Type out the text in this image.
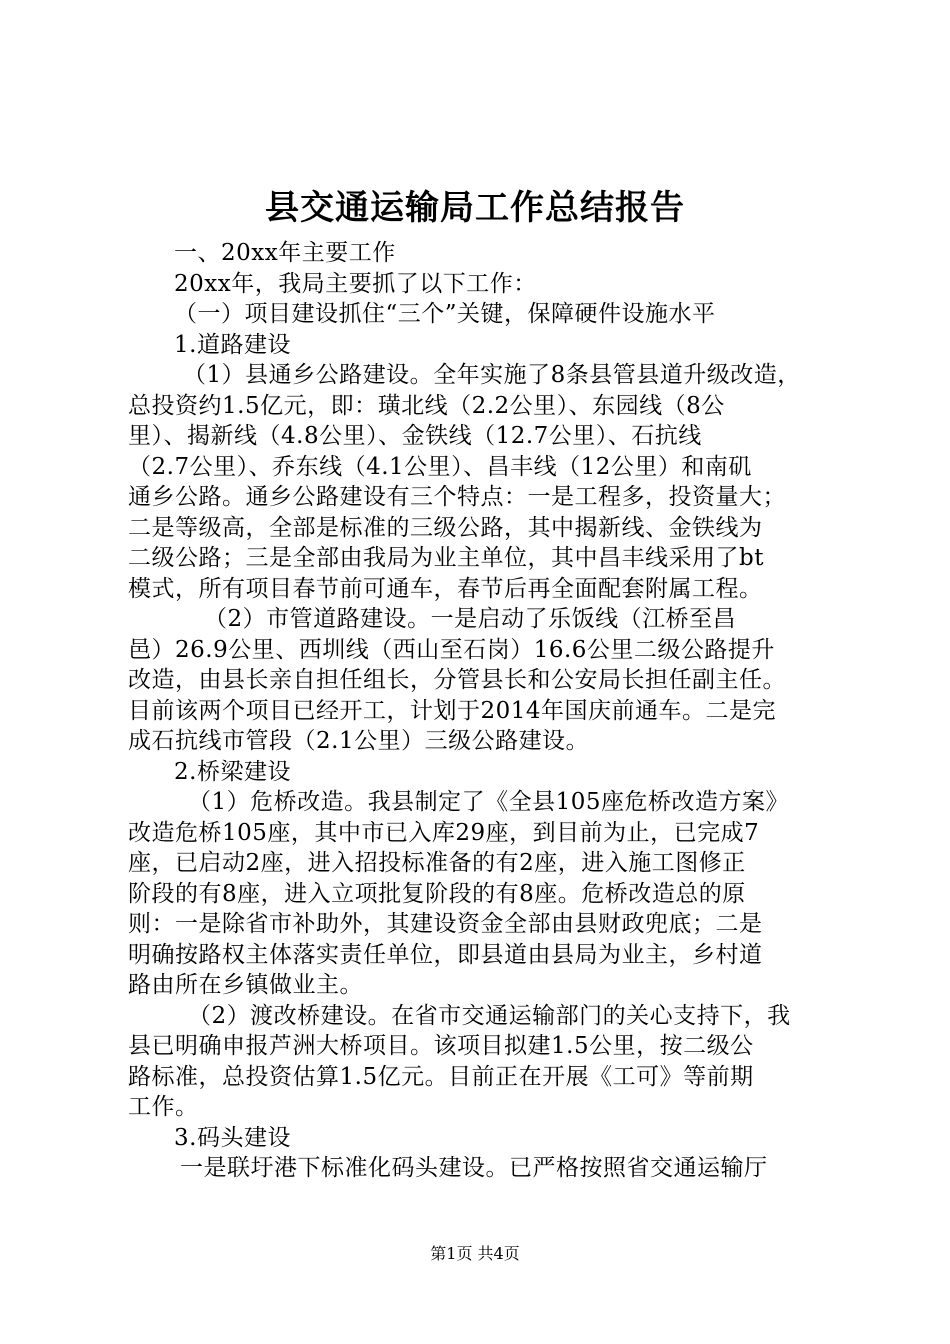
县交通运输局工作总结报告
一、20xx年主要工作
20xx年，我局主要抓了以下工作：
（一）项目建设抓住“三个”关键，保障硬件设施水平
1.道路建设
（1）县通乡公路建设。全年实施了8条县管县道升级改造，
总投资约1.5亿元，即：璜北线（2.2公里）、东园线（8公
里）、揭新线（4.8公里）、金铁线（12.7公里）、石抗线
（2.7公里）、乔东线（4.1公里）、昌丰线（12公里）和南矶
通乡公路。通乡公路建设有三个特点：一是工程多，投资量大；
二是等级高，全部是标准的三级公路，其中揭新线、金铁线为
二级公路；三是全部由我局为业主单位，其中昌丰线采用了bt
模式，所有项目春节前可通车，春节后再全面配套附属工程。
（2）市管道路建设。一是启动了乐饭线（江桥至昌
邑）26.9公里、西圳线（西山至石岗）16.6公里二级公路提升
改造，由县长亲自担任组长，分管县长和公安局长担任副主任。
目前该两个项目已经开工，计划于2014年国庆前通车。二是完
成石抗线市管段（2.1公里）三级公路建设。
2.桥梁建设
（1）危桥改造。我县制定了《全县105座危桥改造方案》
改造危桥105座，其中市已入库29座，到目前为止，已完成7
座，已启动2座，进入招投标准备的有2座，进入施工图修正
阶段的有8座，进入立项批复阶段的有8座。危桥改造总的原
则：一是除省市补助外，其建设资金全部由县财政兜底；二是
明确按路权主体落实责任单位，即县道由县局为业主，乡村道
路由所在乡镇做业主。
（2）渡改桥建设。在省市交通运输部门的关心支持下，我
县已明确申报芦洲大桥项目。该项目拟建1.5公里，按二级公
路标准，总投资估算1.5亿元。目前正在开展《工可》等前期
工作。
3.码头建设
一是联圩港下标准化码头建设。已严格按照省交通运输厅
第1页 共4页
